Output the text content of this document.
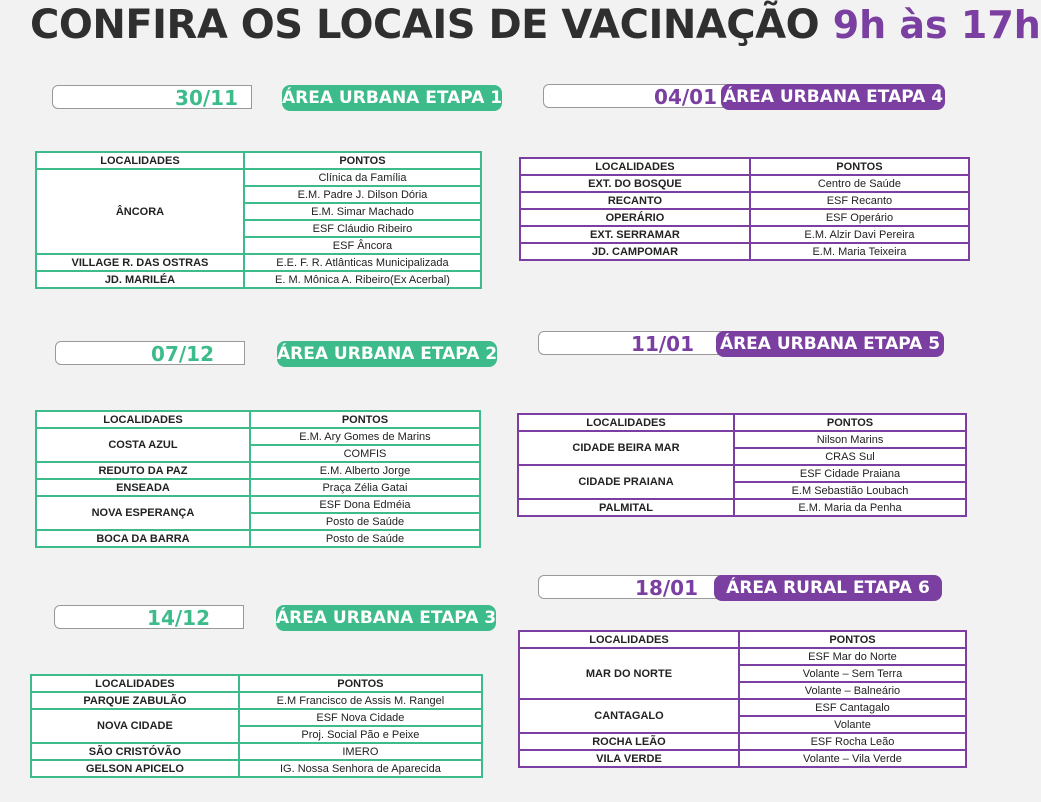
CONFIRA OS LOCAIS DE VACINAÇÃO 9h às 17h
30/11	ÁREA URBANA ETAPA 1
LOCALIDADES	PONTOS
ÂNCORA	Clínica da Família
	E.M. Padre J. Dilson Dória
	E.M. Simar Machado
	ESF Cláudio Ribeiro
	ESF Âncora
VILLAGE R. DAS OSTRAS	E.E. F. R. Atlânticas Municipalizada
JD. MARILÉA	E. M. Mônica A. Ribeiro(Ex Acerbal)
07/12	ÁREA URBANA ETAPA 2
LOCALIDADES	PONTOS
COSTA AZUL	E.M. Ary Gomes de Marins
	COMFIS
REDUTO DA PAZ	E.M. Alberto Jorge
ENSEADA	Praça Zélia Gatai
NOVA ESPERANÇA	ESF Dona Edméia
	Posto de Saúde
BOCA DA BARRA	Posto de Saúde
14/12	ÁREA URBANA ETAPA 3
LOCALIDADES	PONTOS
PARQUE ZABULÃO	E.M Francisco de Assis M. Rangel
NOVA CIDADE	ESF Nova Cidade
	Proj. Social Pão e Peixe
SÃO CRISTÓVÃO	IMERO
GELSON APICELO	IG. Nossa Senhora de Aparecida
04/01 ÁREA URBANA ETAPA 4
LOCALIDADES	PONTOS
EXT. DO BOSQUE	Centro de Saúde
RECANTO	ESF Recanto
OPERÁRIO	ESF Operário
EXT. SERRAMAR	E.M. Alzir Davi Pereira
JD. CAMPOMAR	E.M. Maria Teixeira
11/01	ÁREA URBANA ETAPA 5
LOCALIDADES	PONTOS
CIDADE BEIRA MAR	Nilson Marins
	CRAS Sul
CIDADE PRAIANA	ESF Cidade Praiana
	E.M Sebastião Loubach
PALMITAL	E.M. Maria da Penha
18/01	ÁREA RURAL ETAPA 6
LOCALIDADES	PONTOS
MAR DO NORTE	ESF Mar do Norte
	Volante – Sem Terra
	Volante – Balneário
CANTAGALO	ESF Cantagalo
	Volante
ROCHA LEÃO	ESF Rocha Leão
VILA VERDE	Volante – Vila Verde
